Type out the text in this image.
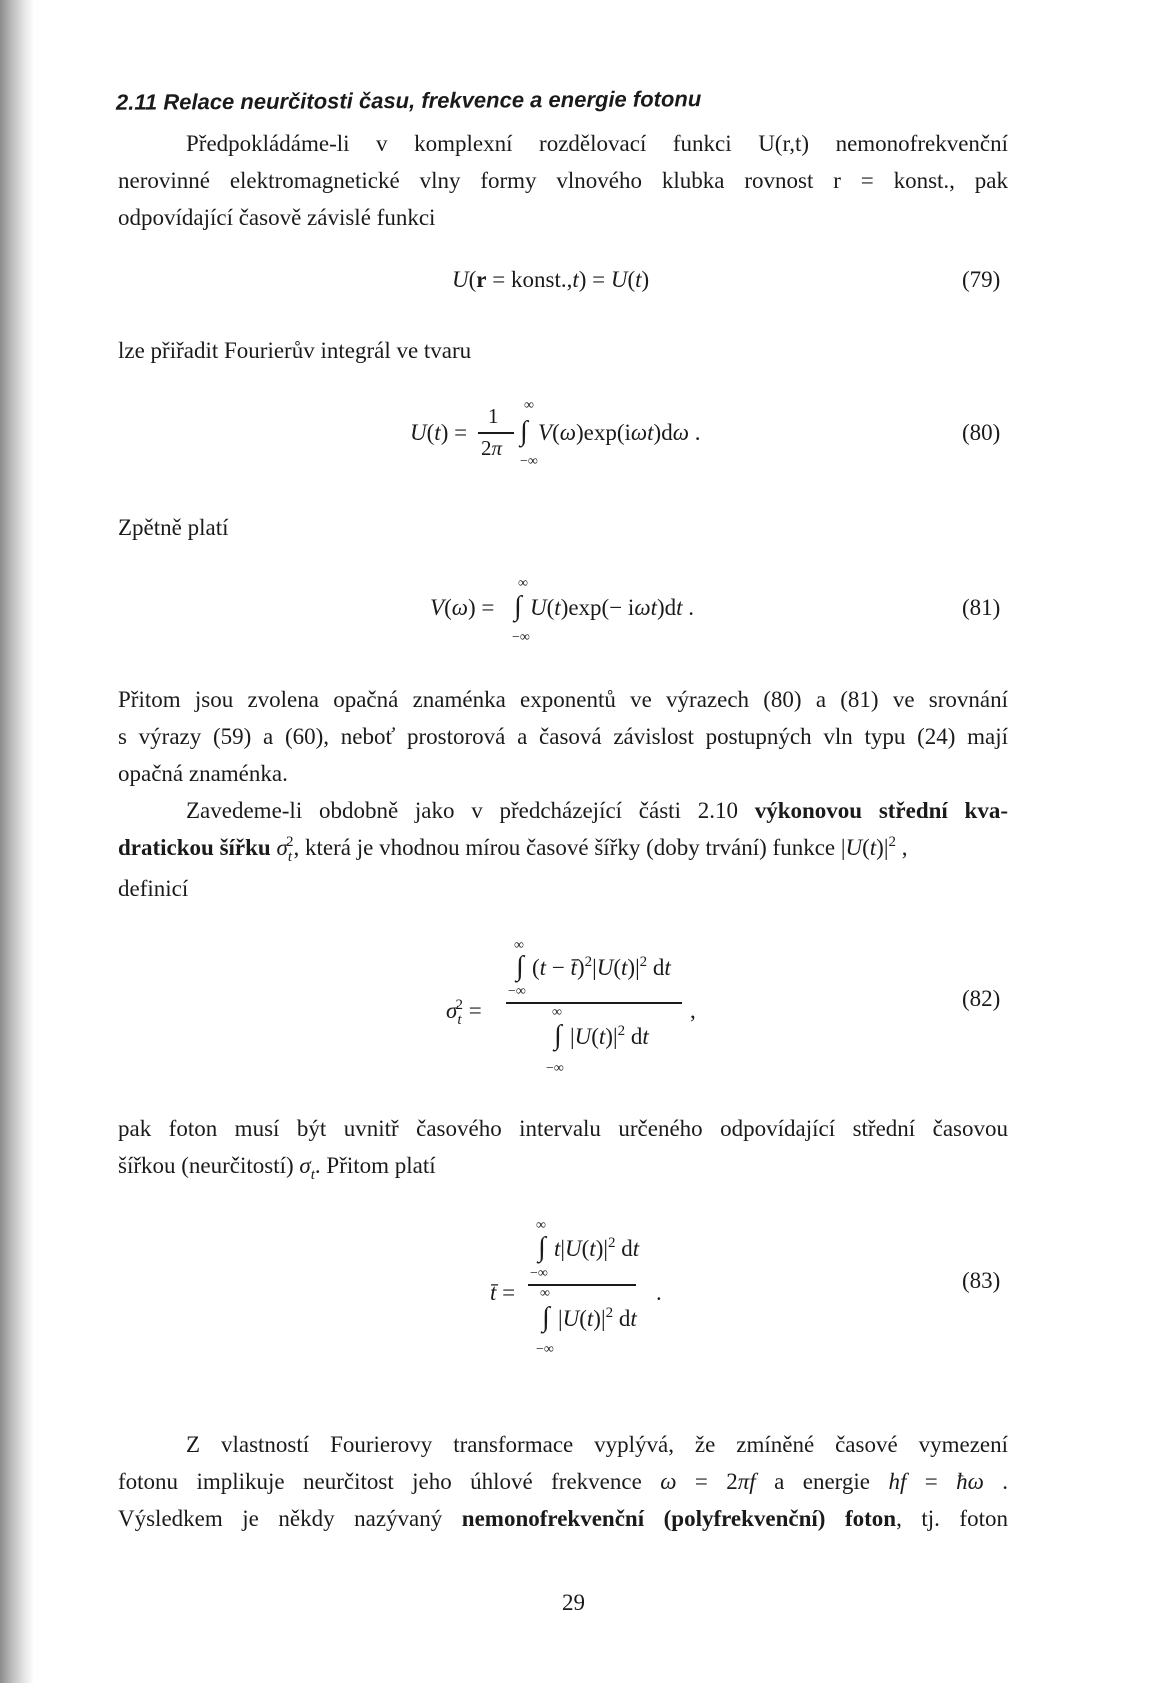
2.11 Relace neurčitosti času, frekvence a energie fotonu
Předpokládáme-li v komplexní rozdělovací funkci U(r,t) nemonofrekvenční
nerovinné elektromagnetické vlny formy vlnového klubka rovnost r = konst., pak
odpovídající časově závislé funkci
U(r = konst.,t) = U(t)	(79)
lze přiřadit Fourierův integrál ve tvaru
U(t) =
1
2π
∞
∫
−∞
V(ω)exp(iωt)dω .	(80)
Zpětně platí
V(ω) =
∞
∫
−∞
U(t)exp(− iωt)dt .	(81)
Přitom jsou zvolena opačná znaménka exponentů ve výrazech (80) a (81) ve srovnání
s výrazy (59) a (60), neboť prostorová a časová závislost postupných vln typu (24) mají
opačná znaménka.
Zavedeme-li obdobně jako v předcházející části 2.10 výkonovou střední kva-
dratickou šířku $\sigma_t^2$, která je vhodnou mírou časové šířky (doby trvání) funkce $|U(t)|^2$ ,
definicí
$\sigma_t^2$ =
∞
∫ $(t - t̄)^2|U(t)|^2$ dt
−∞
,
∞
∫ $|U(t)|^2$ dt
−∞
(82)
pak foton musí být uvnitř časového intervalu určeného odpovídající střední časovou
šířkou (neurčitostí) $\sigma_t$. Přitom platí
t̄ =
∞
∫ $t|U(t)|^2$ dt
−∞
.
∞
∫ $|U(t)|^2$ dt
−∞
(83)
Z vlastností Fourierovy transformace vyplývá, že zmíněné časové vymezení
fotonu implikuje neurčitost jeho úhlové frekvence ω = 2πf a energie hf = ħω .
Výsledkem je někdy nazývaný nemonofrekvenční (polyfrekvenční) foton, tj. foton
29
